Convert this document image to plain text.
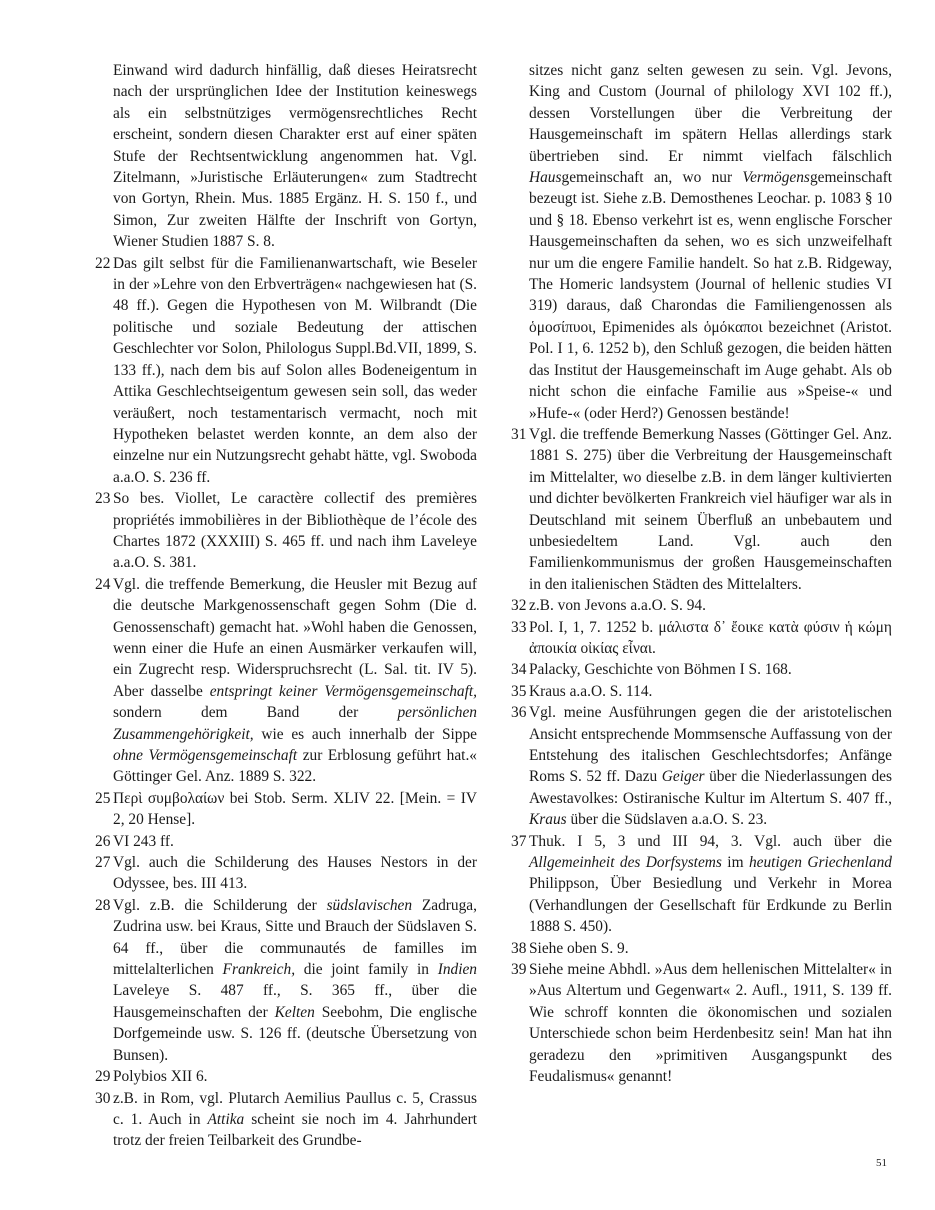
Einwand wird dadurch hinfällig, daß dieses Heiratsrecht nach der ursprünglichen Idee der Institution keineswegs als ein selbstnütziges vermögensrechtliches Recht erscheint, sondern diesen Charakter erst auf einer späten Stufe der Rechtsentwicklung angenommen hat. Vgl. Zitelmann, »Juristische Erläuterungen« zum Stadtrecht von Gortyn, Rhein. Mus. 1885 Ergänz. H. S. 150 f., und Simon, Zur zweiten Hälfte der Inschrift von Gortyn, Wiener Studien 1887 S. 8.

22 Das gilt selbst für die Familienanwartschaft, wie Beseler in der »Lehre von den Erbverträgen« nachgewiesen hat (S. 48 ff.). Gegen die Hypothesen von M. Wilbrandt (Die politische und soziale Bedeutung der attischen Geschlechter vor Solon, Philologus Suppl.Bd.VII, 1899, S. 133 ff.), nach dem bis auf Solon alles Bodeneigentum in Attika Geschlechtseigentum gewesen sein soll, das weder veräußert, noch testamentarisch vermacht, noch mit Hypotheken belastet werden konnte, an dem also der einzelne nur ein Nutzungsrecht gehabt hätte, vgl. Swoboda a.a.O. S. 236 ff.

23 So bes. Viollet, Le caractère collectif des premières propriétés immobilières in der Bibliothèque de l’école des Chartes 1872 (XXXIII) S. 465 ff. und nach ihm Laveleye a.a.O. S. 381.

24 Vgl. die treffende Bemerkung, die Heusler mit Bezug auf die deutsche Markgenossenschaft gegen Sohm (Die d. Genossenschaft) gemacht hat. »Wohl haben die Genossen, wenn einer die Hufe an einen Ausmärker verkaufen will, ein Zugrecht resp. Widerspruchsrecht (L. Sal. tit. IV 5). Aber dasselbe entspringt keiner Vermögensgemeinschaft, sondern dem Band der persönlichen Zusammengehörigkeit, wie es auch innerhalb der Sippe ohne Vermögensgemeinschaft zur Erblosung geführt hat.« Göttinger Gel. Anz. 1889 S. 322.

25 Περὶ συμβολαίων bei Stob. Serm. XLIV 22. [Mein. = IV 2, 20 Hense].

26 VI 243 ff.

27 Vgl. auch die Schilderung des Hauses Nestors in der Odyssee, bes. III 413.

28 Vgl. z.B. die Schilderung der südslavischen Zadruga, Zudrina usw. bei Kraus, Sitte und Brauch der Südslaven S. 64 ff., über die communautés de familles im mittelalterlichen Frankreich, die joint family in Indien Laveleye S. 487 ff., S. 365 ff., über die Hausgemeinschaften der Kelten Seebohm, Die englische Dorfgemeinde usw. S. 126 ff. (deutsche Übersetzung von Bunsen).

29 Polybios XII 6.

30 z.B. in Rom, vgl. Plutarch Aemilius Paullus c. 5, Crassus c. 1. Auch in Attika scheint sie noch im 4. Jahrhundert trotz der freien Teilbarkeit des Grundbe-

sitzes nicht ganz selten gewesen zu sein. Vgl. Jevons, King and Custom (Journal of philology XVI 102 ff.), dessen Vorstellungen über die Verbreitung der Hausgemeinschaft im spätern Hellas allerdings stark übertrieben sind. Er nimmt vielfach fälschlich Hausgemeinschaft an, wo nur Vermögensgemeinschaft bezeugt ist. Siehe z.B. Demosthenes Leochar. p. 1083 § 10 und § 18. Ebenso verkehrt ist es, wenn englische Forscher Hausgemeinschaften da sehen, wo es sich unzweifelhaft nur um die engere Familie handelt. So hat z.B. Ridgeway, The Homeric landsystem (Journal of hellenic studies VI 319) daraus, daß Charondas die Familiengenossen als ὁμοσίπυοι, Epimenides als ὁμόκαποι bezeichnet (Aristot. Pol. I 1, 6. 1252 b), den Schluß gezogen, die beiden hätten das Institut der Hausgemeinschaft im Auge gehabt. Als ob nicht schon die einfache Familie aus »Speise-« und »Hufe-« (oder Herd?) Genossen bestände!

31 Vgl. die treffende Bemerkung Nasses (Göttinger Gel. Anz. 1881 S. 275) über die Verbreitung der Hausgemeinschaft im Mittelalter, wo dieselbe z.B. in dem länger kultivierten und dichter bevölkerten Frankreich viel häufiger war als in Deutschland mit seinem Überfluß an unbebautem und unbesiedeltem Land. Vgl. auch den Familienkommunismus der großen Hausgemeinschaften in den italienischen Städten des Mittelalters.

32 z.B. von Jevons a.a.O. S. 94.

33 Pol. I, 1, 7. 1252 b. μάλιστα δ᾽ ἔοικε κατὰ φύσιν ἡ κώμη ἀποικία οἰκίας εἶναι.

34 Palacky, Geschichte von Böhmen I S. 168.

35 Kraus a.a.O. S. 114.

36 Vgl. meine Ausführungen gegen die der aristotelischen Ansicht entsprechende Mommsensche Auffassung von der Entstehung des italischen Geschlechtsdorfes; Anfänge Roms S. 52 ff. Dazu Geiger über die Niederlassungen des Awestavolkes: Ostiranische Kultur im Altertum S. 407 ff., Kraus über die Südslaven a.a.O. S. 23.

37 Thuk. I 5, 3 und III 94, 3. Vgl. auch über die Allgemeinheit des Dorfsystems im heutigen Griechenland Philippson, Über Besiedlung und Verkehr in Morea (Verhandlungen der Gesellschaft für Erdkunde zu Berlin 1888 S. 450).

38 Siehe oben S. 9.

39 Siehe meine Abhdl. »Aus dem hellenischen Mittelalter« in »Aus Altertum und Gegenwart« 2. Aufl., 1911, S. 139 ff. Wie schroff konnten die ökonomischen und sozialen Unterschiede schon beim Herdenbesitz sein! Man hat ihn geradezu den »primitiven Ausgangspunkt des Feudalismus« genannt!

51
